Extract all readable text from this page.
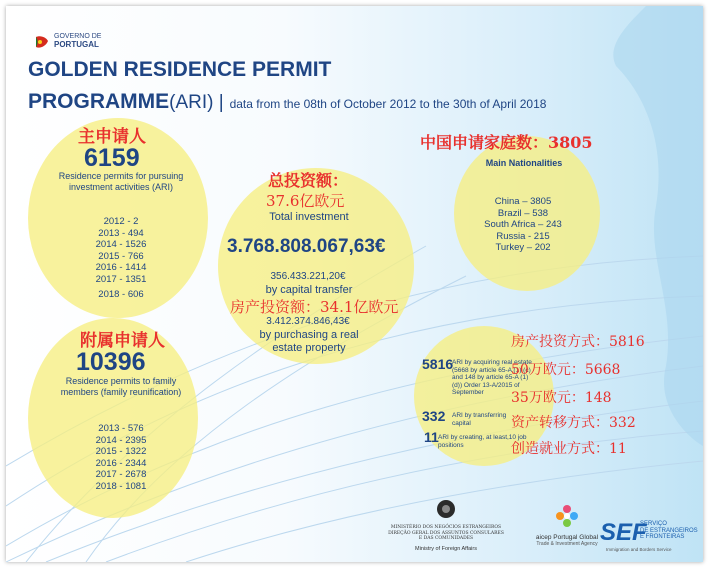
GOVERNO DE
PORTUGAL
GOLDEN RESIDENCE PERMIT
PROGRAMME(ARI) | data from the 08th of October 2012 to the 30th of April 2018
主申请人
6159
Residence permits for pursuing investment activities (ARI)
2012 - 2
2013 - 494
2014 - 1526
2015 - 766
2016 - 1414
2017 - 1351
2018 - 606
附属申请人
10396
Residence permits to family members (family reunification)
2013 - 576
2014 - 2395
2015 - 1322
2016 - 2344
2017 - 2678
2018 - 1081
总投资额：
37.6亿欧元
Total investment
3.768.808.067,63€
356.433.221,20€
by capital transfer
房产投资额：34.1亿欧元
3.412.374.846,43€
by purchasing a real estate property
中国申请家庭数：3805
Main Nationalities
China – 3805
Brazil – 538
South Africa – 243
Russia - 215
Turkey – 202
5816
ARI by acquiring real estate (5668 by article 65-A (1) (c) and 148 by article 65-A (1) (d)) Order 13-A/2015 of September
332 ARI by transferring capital
11 ARI by creating, at least,10 job positions
房产投资方式：5816
50万欧元：5668
35万欧元：148
资产转移方式：332
创造就业方式：11
MINISTÉRIO DOS NEGÓCIOS ESTRANGEIROS DIREÇÃO GERAL DOS ASSUNTOS CONSULARES E DAS COMUNIDADES
Ministry of Foreign Affairs
aicep Portugal Global
Trade & Investment Agency SEF
SERVIÇO
DE ESTRANGEIROS
E FRONTEIRAS
Immigration and Borders Service
